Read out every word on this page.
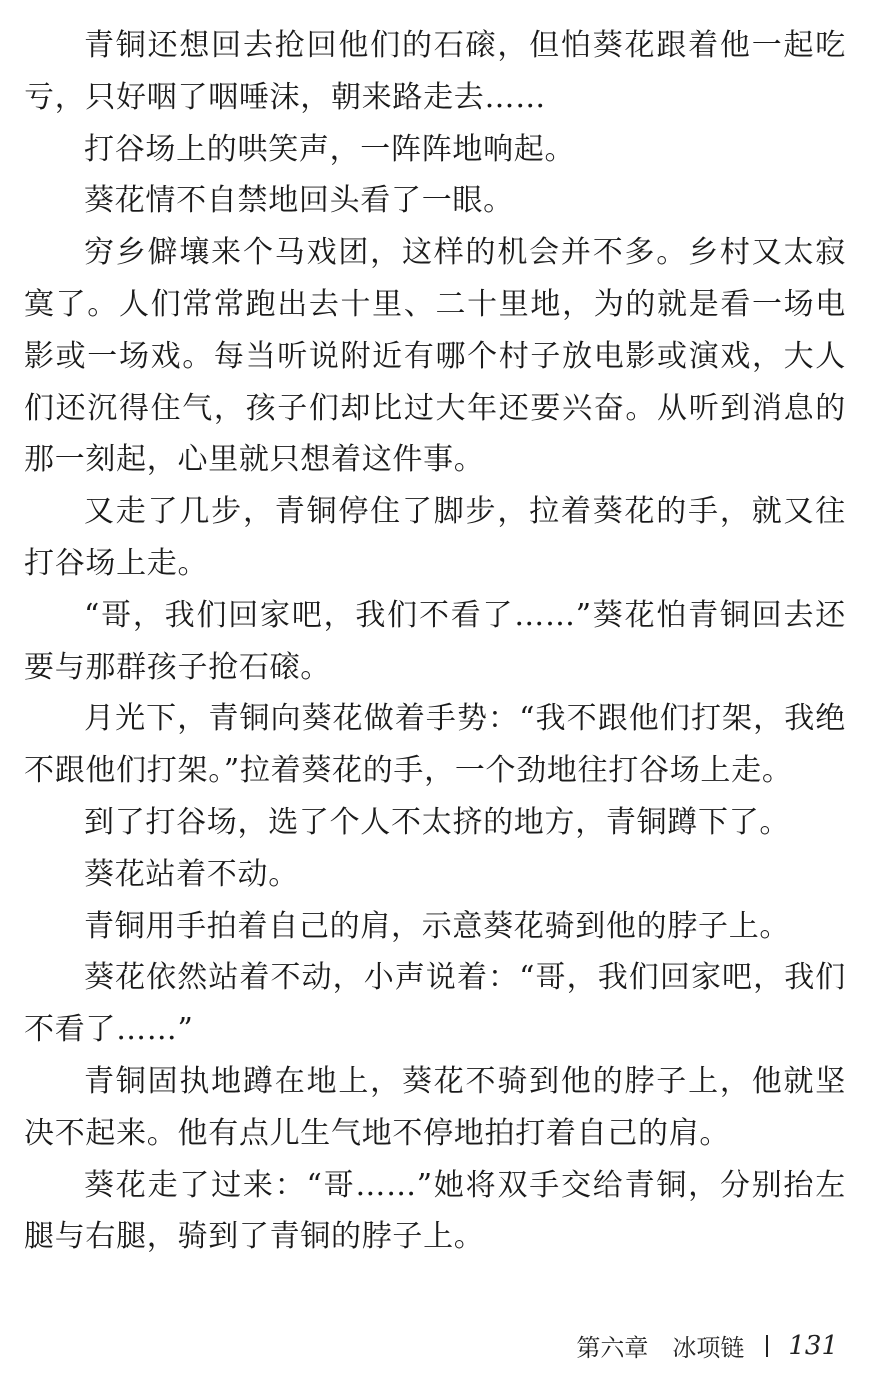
青铜还想回去抢回他们的石磙，但怕葵花跟着他一起吃亏，只好咽了咽唾沫，朝来路走去……

打谷场上的哄笑声，一阵阵地响起。

葵花情不自禁地回头看了一眼。

穷乡僻壤来个马戏团，这样的机会并不多。乡村又太寂寞了。人们常常跑出去十里、二十里地，为的就是看一场电影或一场戏。每当听说附近有哪个村子放电影或演戏，大人们还沉得住气，孩子们却比过大年还要兴奋。从听到消息的那一刻起，心里就只想着这件事。

又走了几步，青铜停住了脚步，拉着葵花的手，就又往打谷场上走。

“哥，我们回家吧，我们不看了……”葵花怕青铜回去还要与那群孩子抢石磙。

月光下，青铜向葵花做着手势：“我不跟他们打架，我绝不跟他们打架。”拉着葵花的手，一个劲地往打谷场上走。

到了打谷场，选了个人不太挤的地方，青铜蹲下了。

葵花站着不动。

青铜用手拍着自己的肩，示意葵花骑到他的脖子上。

葵花依然站着不动，小声说着：“哥，我们回家吧，我们不看了……”

青铜固执地蹲在地上，葵花不骑到他的脖子上，他就坚决不起来。他有点儿生气地不停地拍打着自己的肩。

葵花走了过来：“哥……”她将双手交给青铜，分别抬左腿与右腿，骑到了青铜的脖子上。

第六章 冰项链 131
